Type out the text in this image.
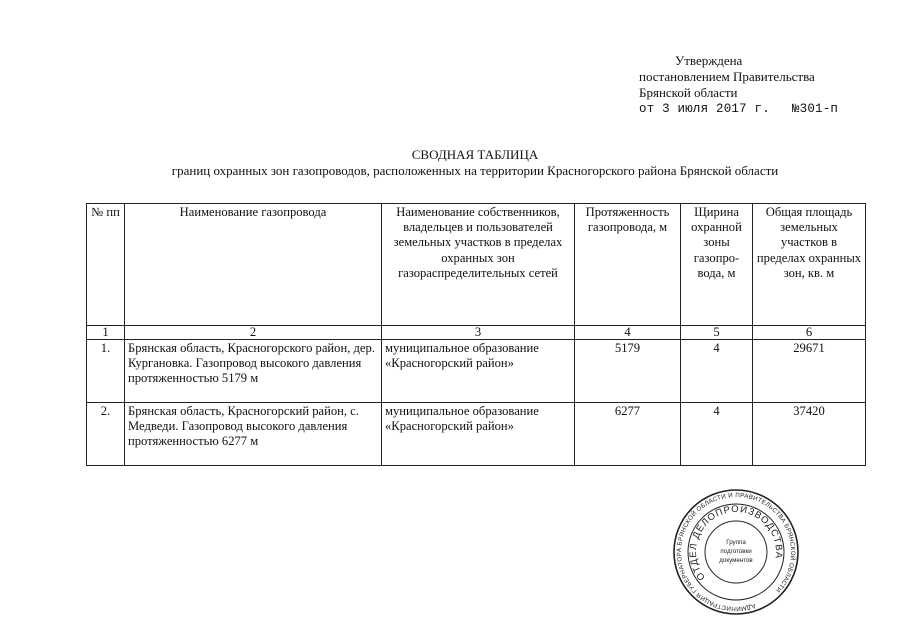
Утверждена
постановлением Правительства
Брянской области
от 3 июля 2017 г. №301-п
СВОДНАЯ ТАБЛИЦА
границ охранных зон газопроводов, расположенных на территории Красногорского района Брянской области
№ пп	Наименование газопровода	Наименование собственников, владельцев и пользователей земельных участков в пределах охранных зон газораспределительных сетей	Протяженность газопровода, м	Щирина охранной зоны газопро-вода, м	Общая площадь земельных участков в пределах охранных зон, кв. м
1	2	3	4	5	6
1.	Брянская область, Красногорского район, дер. Кургановка. Газопровод высокого давления протяженностью 5179 м	муниципальное образование «Красногорский район»	5179	4	29671
2.	Брянская область, Красногорский район, с. Медведи. Газопровод высокого давления протяженностью 6277 м	муниципальное образование «Красногорский район»	6277	4	37420
АДМИНИСТРАЦИЯ ГУБЕРНАТОРА БРЯНСКОЙ ОБЛАСТИ И ПРАВИТЕЛЬСТВА БРЯНСКОЙ ОБЛАСТИ
ОТДЕЛ ДЕЛОПРОИЗВОДСТВА
Группа
подготовки
документов
